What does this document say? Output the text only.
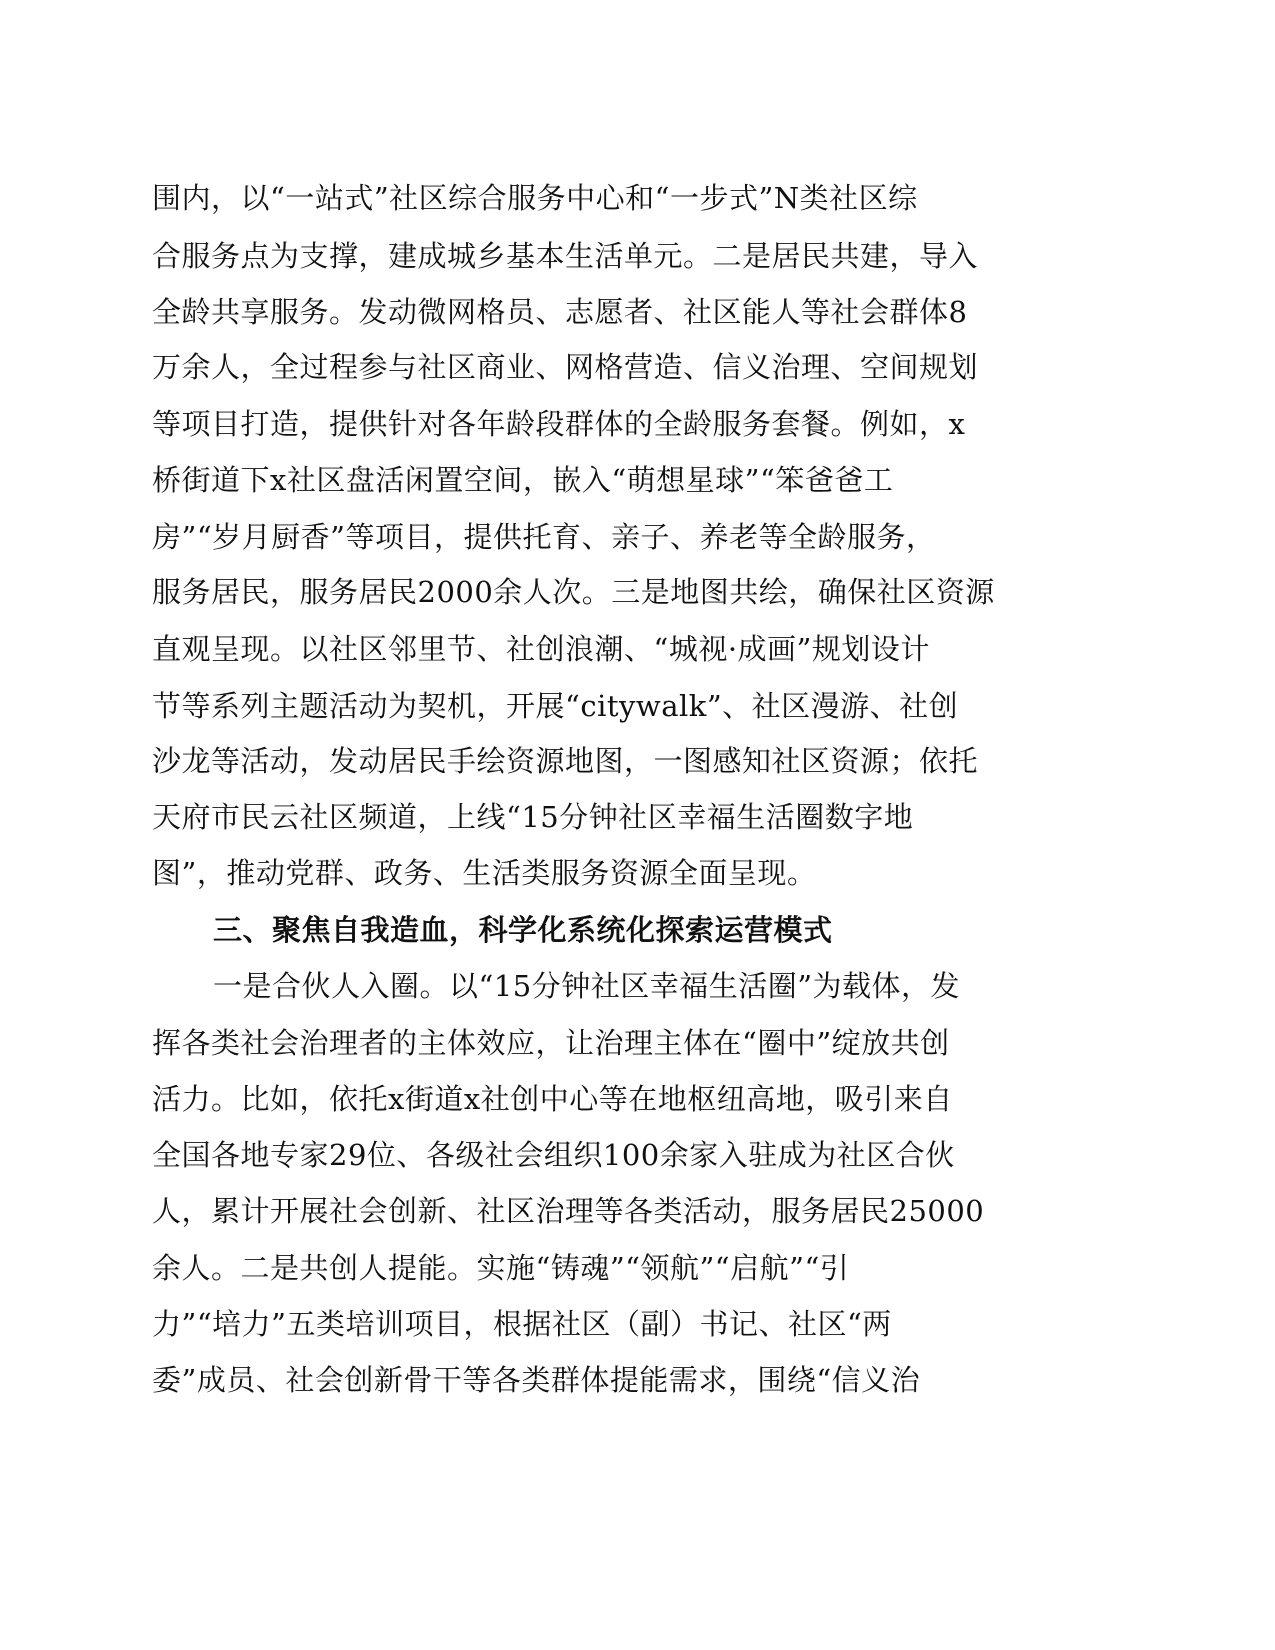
围内，以“一站式”社区综合服务中心和“一步式”N类社区综
合服务点为支撑，建成城乡基本生活单元。二是居民共建，导入
全龄共享服务。发动微网格员、志愿者、社区能人等社会群体8
万余人，全过程参与社区商业、网格营造、信义治理、空间规划
等项目打造，提供针对各年龄段群体的全龄服务套餐。例如，x
桥街道下x社区盘活闲置空间，嵌入“萌想星球”“笨爸爸工
房”“岁月厨香”等项目，提供托育、亲子、养老等全龄服务，
服务居民，服务居民2000余人次。三是地图共绘，确保社区资源
直观呈现。以社区邻里节、社创浪潮、“城视·成画”规划设计
节等系列主题活动为契机，开展“citywalk”、社区漫游、社创
沙龙等活动，发动居民手绘资源地图，一图感知社区资源；依托
天府市民云社区频道，上线“15分钟社区幸福生活圈数字地
图”，推动党群、政务、生活类服务资源全面呈现。
三、聚焦自我造血，科学化系统化探索运营模式
一是合伙人入圈。以“15分钟社区幸福生活圈”为载体，发
挥各类社会治理者的主体效应，让治理主体在“圈中”绽放共创
活力。比如，依托x街道x社创中心等在地枢纽高地，吸引来自
全国各地专家29位、各级社会组织100余家入驻成为社区合伙
人，累计开展社会创新、社区治理等各类活动，服务居民25000
余人。二是共创人提能。实施“铸魂”“领航”“启航”“引
力”“培力”五类培训项目，根据社区（副）书记、社区“两
委”成员、社会创新骨干等各类群体提能需求，围绕“信义治
